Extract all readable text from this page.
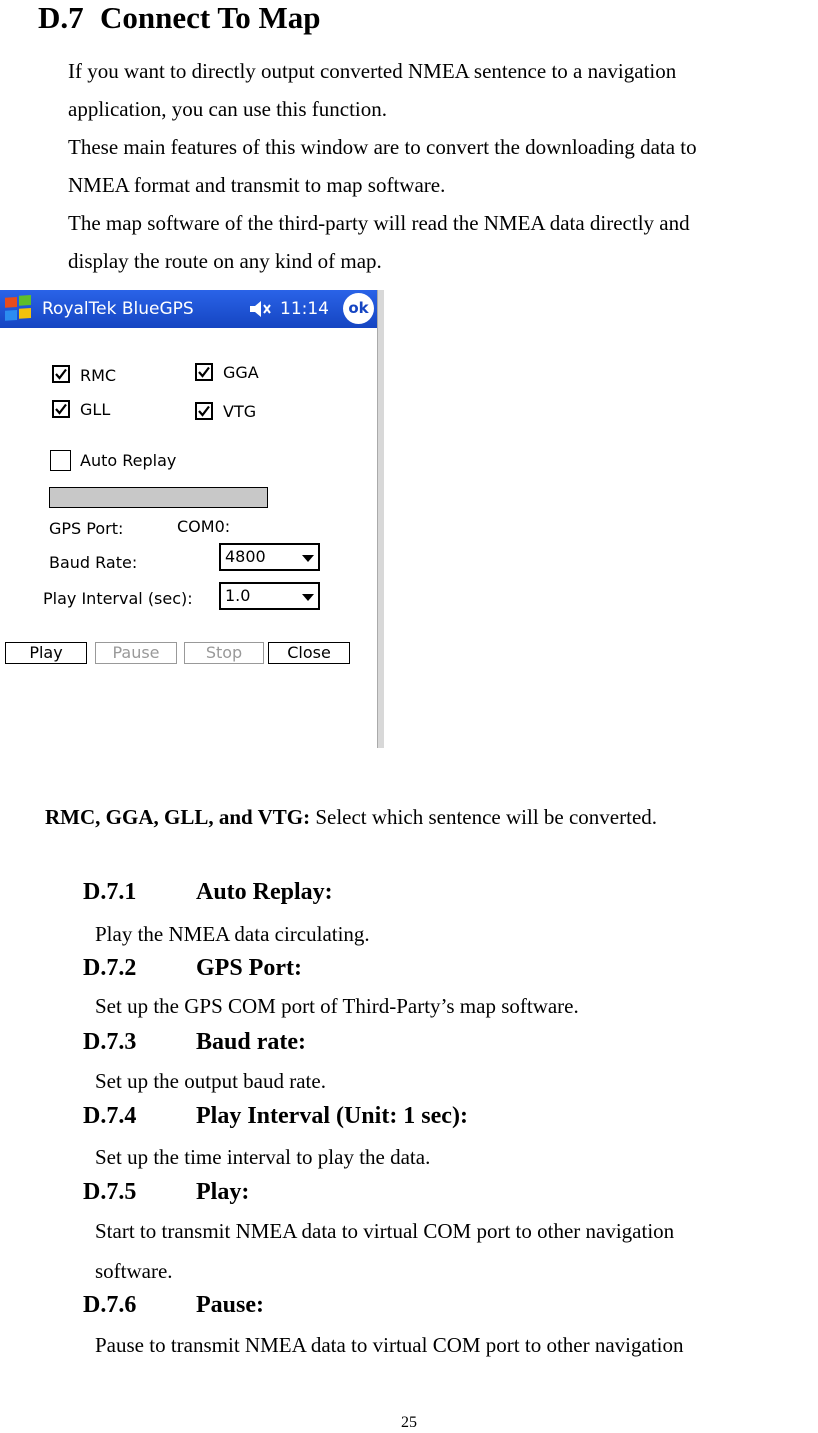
D.7 Connect To Map
If you want to directly output converted NMEA sentence to a navigation
application, you can use this function.
These main features of this window are to convert the downloading data to
NMEA format and transmit to map software.
The map software of the third-party will read the NMEA data directly and
display the route on any kind of map.
RoyalTek BlueGPS	11:14	ok
RMC	GGA
GLL	VTG
Auto Replay
GPS Port:	COM0:
Baud Rate:	4800
Play Interval (sec):	1.0
Play	Pause	Stop	Close
RMC, GGA, GLL, and VTG: Select which sentence will be converted.
D.7.1 Auto Replay:
Play the NMEA data circulating.
D.7.2 GPS Port:
Set up the GPS COM port of Third-Party’s map software.
D.7.3 Baud rate:
Set up the output baud rate.
D.7.4 Play Interval (Unit: 1 sec):
Set up the time interval to play the data.
D.7.5 Play:
Start to transmit NMEA data to virtual COM port to other navigation
software.
D.7.6 Pause:
Pause to transmit NMEA data to virtual COM port to other navigation
25
